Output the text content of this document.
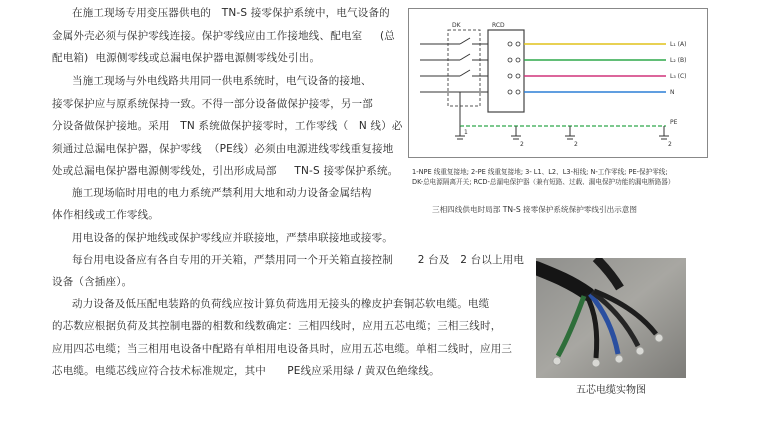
在施工现场专用变压器供电的   TN-S 接零保护系统中，电气设备的
金属外壳必须与保护零线连接。保护零线应由工作接地线、配电室     (总
配电箱)  电源侧零线或总漏电保护器电源侧零线处引出。
当施工现场与外电线路共用同一供电系统时，电气设备的接地、
接零保护应与原系统保持一致。不得一部分设备做保护接零，另一部
分设备做保护接地。采用   TN 系统做保护接零时，工作零线（   N 线）必
须通过总漏电保护器，保护零线  （PE线）必须由电源进线零线重复接地
处或总漏电保护器电源侧零线处，引出形成局部     TN-S 接零保护系统。
施工现场临时用电的电力系统严禁利用大地和动力设备金属结构
体作相线或工作零线。
用电设备的保护地线或保护零线应并联接地，严禁串联接地或接零。
每台用电设备应有各自专用的开关箱，严禁用同一个开关箱直接控制       2 台及   2 台以上用电
设备（含插座）。
动力设备及低压配电装路的负荷线应按计算负荷选用无接头的橡皮护套铜芯软电缆。电缆
的芯数应根据负荷及其控制电器的相数和线数确定：三相四线时，应用五芯电缆；三相三线时，
应用四芯电缆；当三相用电设备中配路有单相用电设备具时，应用五芯电缆。单相二线时，应用三
芯电缆。电缆芯线应符合技术标准规定，其中      PE线应采用绿 / 黄双色绝缘线。
DK	RCD
L₁ (A)
L₂ (B)
L₃ (C)
N
PE
1
2	2	2
1-NPE 线重复接地; 2-PE 线重复接地; 3- L1、L2、L3-相线; N-工作零线; PE-保护零线;
DK-总电源隔离开关; RCD-总漏电保护器（兼有短路、过载、漏电保护功能的漏电断路器）
三相四线供电时局部 TN-S 接零保护系统保护零线引出示意图
五芯电缆实物图
